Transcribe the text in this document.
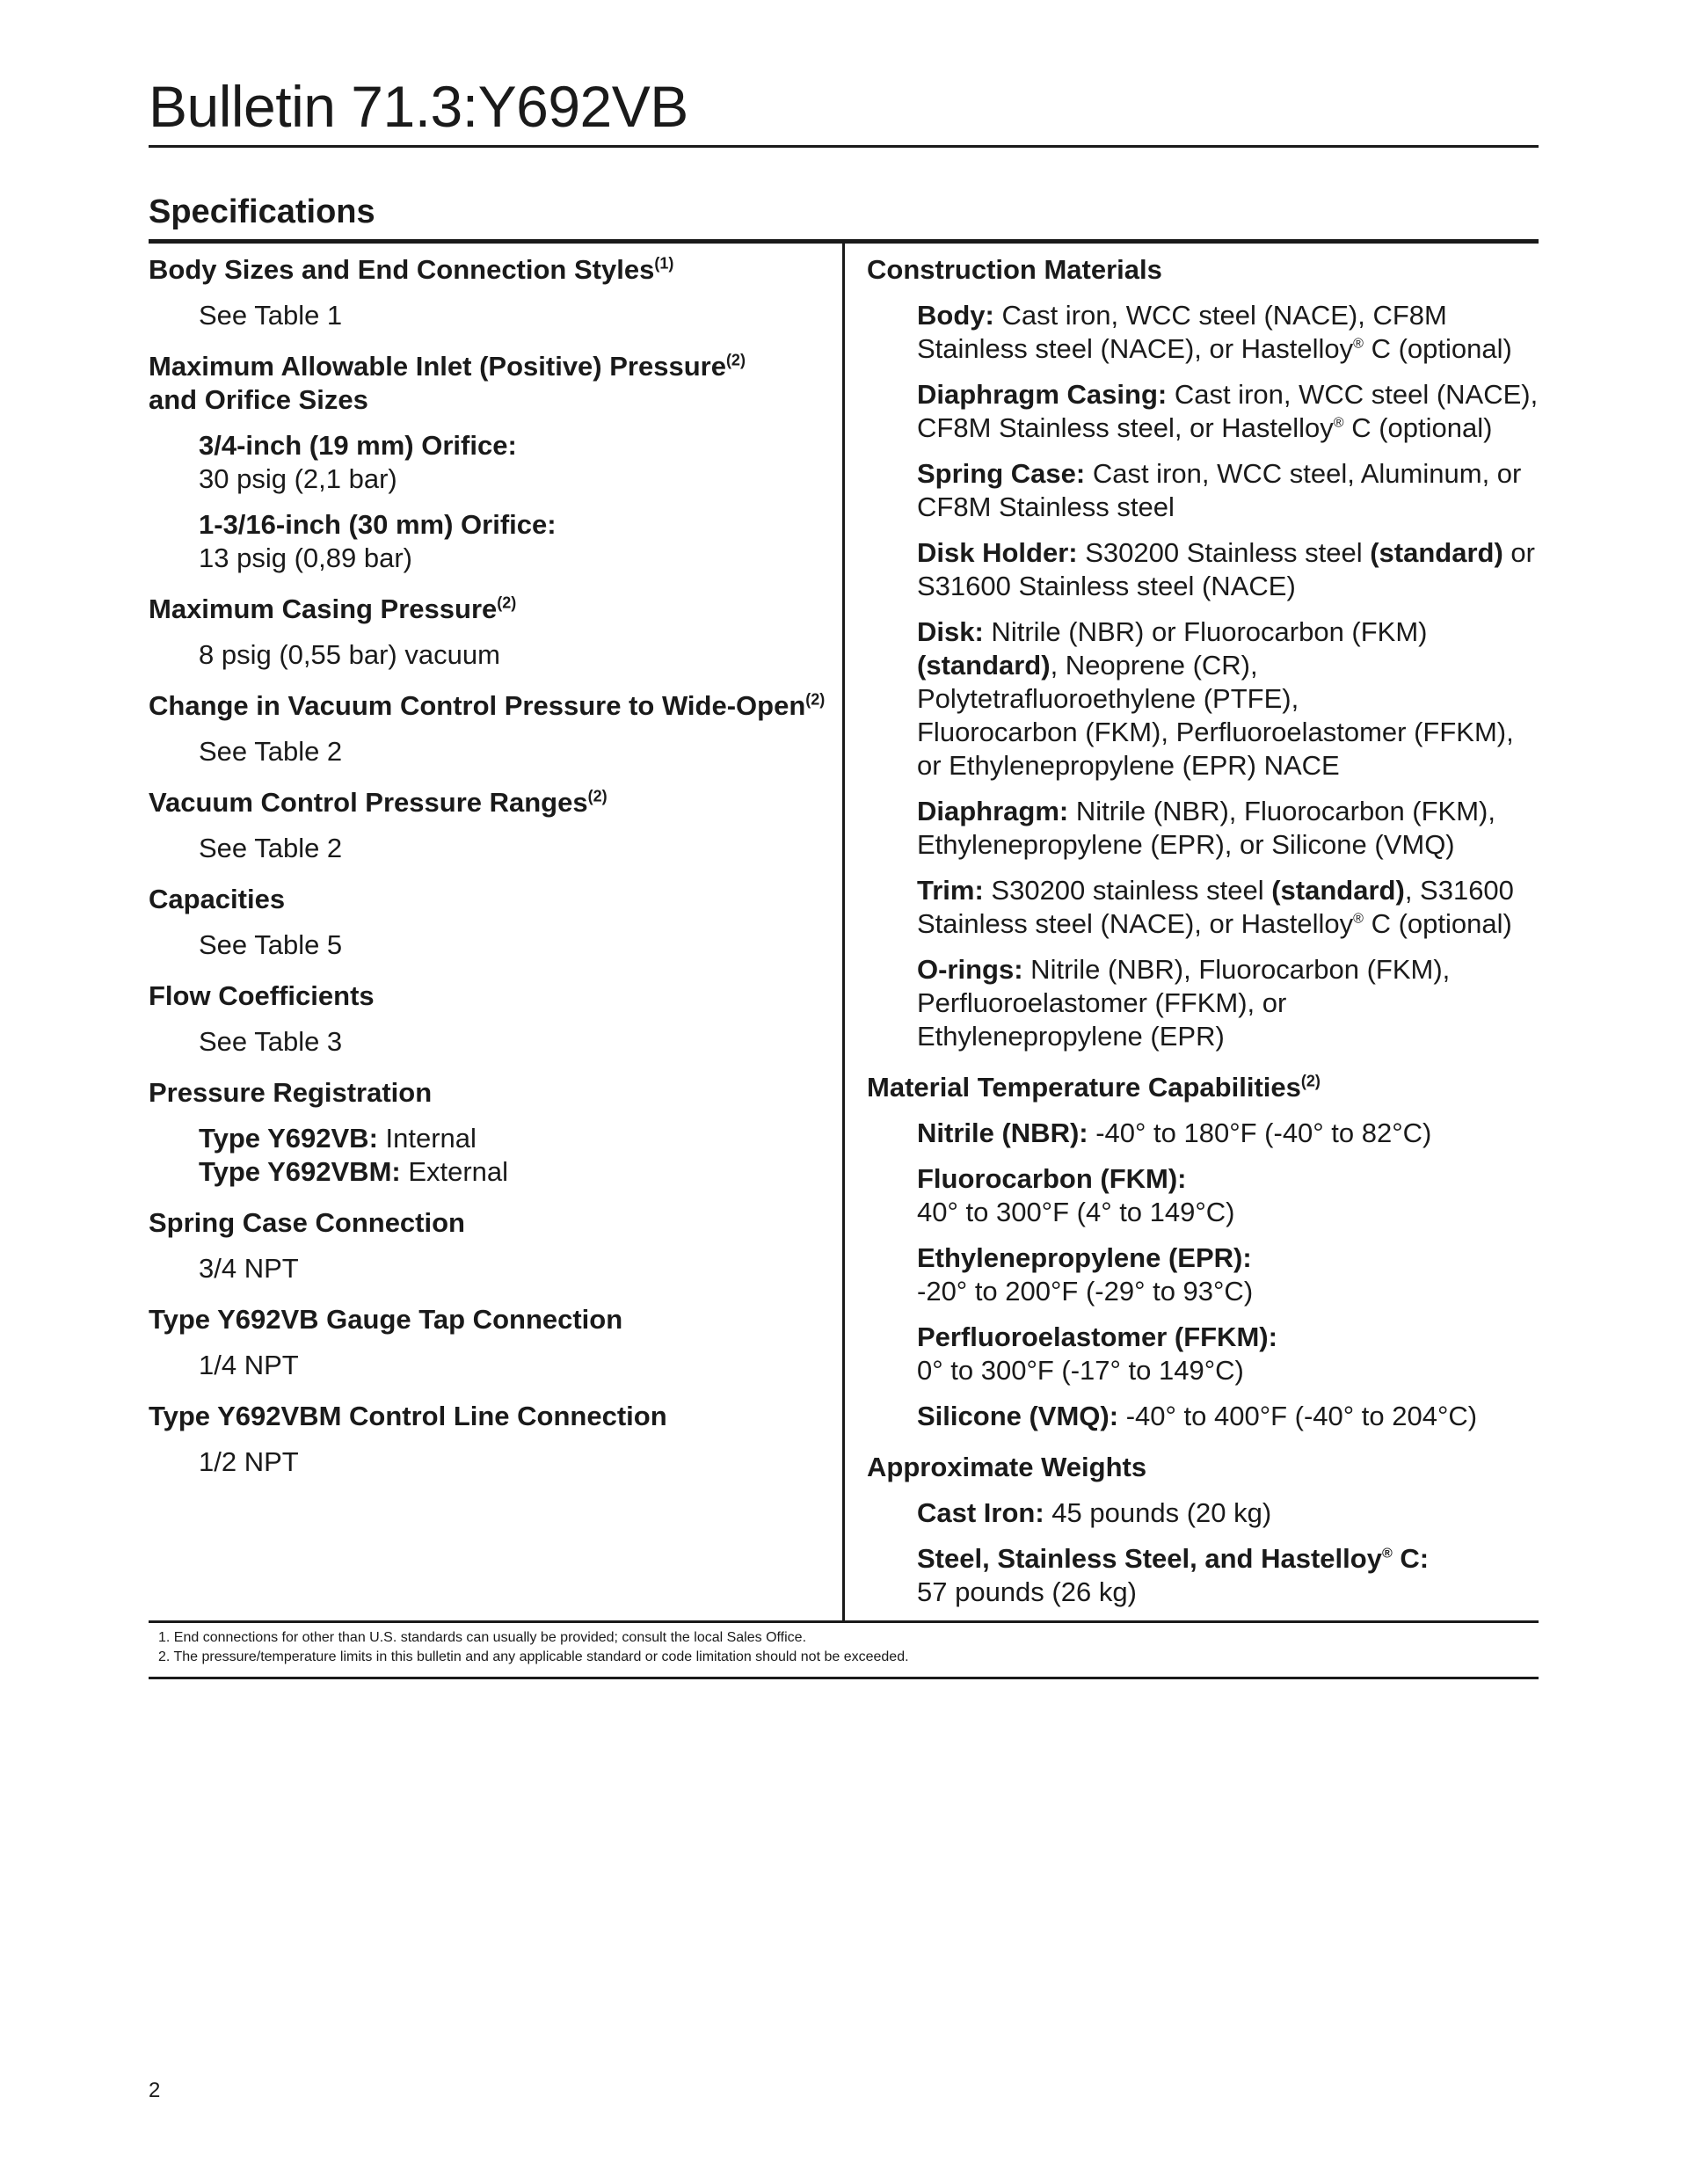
Bulletin 71.3:Y692VB
Specifications

Body Sizes and End Connection Styles$^{(1)}$

See Table 1

Maximum Allowable Inlet (Positive) Pressure$^{(2)}$
and Orifice Sizes

3/4-inch (19 mm) Orifice:
30 psig (2,1 bar)
1-3/16-inch (30 mm) Orifice:
13 psig (0,89 bar)

Maximum Casing Pressure$^{(2)}$

8 psig (0,55 bar) vacuum

Change in Vacuum Control Pressure to Wide-Open$^{(2)}$

See Table 2

Vacuum Control Pressure Ranges$^{(2)}$

See Table 2

Capacities

See Table 5

Flow Coefficients

See Table 3

Pressure Registration

Type Y692VB: Internal
Type Y692VBM: External

Spring Case Connection

3/4 NPT

Type Y692VB Gauge Tap Connection

1/4 NPT

Type Y692VBM Control Line Connection

1/2 NPT

Construction Materials

Body: Cast iron, WCC steel (NACE), CF8M
Stainless steel (NACE), or Hastelloy® C (optional)
Diaphragm Casing: Cast iron, WCC steel (NACE),
CF8M Stainless steel, or Hastelloy® C (optional)
Spring Case: Cast iron, WCC steel, Aluminum, or
CF8M Stainless steel
Disk Holder: S30200 Stainless steel (standard) or
S31600 Stainless steel (NACE)
Disk: Nitrile (NBR) or Fluorocarbon (FKM)
(standard), Neoprene (CR),
Polytetrafluoroethylene (PTFE),
Fluorocarbon (FKM), Perfluoroelastomer (FFKM),
or Ethylenepropylene (EPR) NACE
Diaphragm: Nitrile (NBR), Fluorocarbon (FKM),
Ethylenepropylene (EPR), or Silicone (VMQ)
Trim: S30200 stainless steel (standard), S31600
Stainless steel (NACE), or Hastelloy® C (optional)
O-rings: Nitrile (NBR), Fluorocarbon (FKM),
Perfluoroelastomer (FFKM), or
Ethylenepropylene (EPR)

Material Temperature Capabilities$^{(2)}$

Nitrile (NBR): -40° to 180°F (-40° to 82°C)
Fluorocarbon (FKM):
40° to 300°F (4° to 149°C)
Ethylenepropylene (EPR):
-20° to 200°F (-29° to 93°C)
Perfluoroelastomer (FFKM):
0° to 300°F (-17° to 149°C)
Silicone (VMQ): -40° to 400°F (-40° to 204°C)

Approximate Weights

Cast Iron: 45 pounds (20 kg)
Steel, Stainless Steel, and Hastelloy® C:
57 pounds (26 kg)
1. End connections for other than U.S. standards can usually be provided; consult the local Sales Office.
2. The pressure/temperature limits in this bulletin and any applicable standard or code limitation should not be exceeded.
2
